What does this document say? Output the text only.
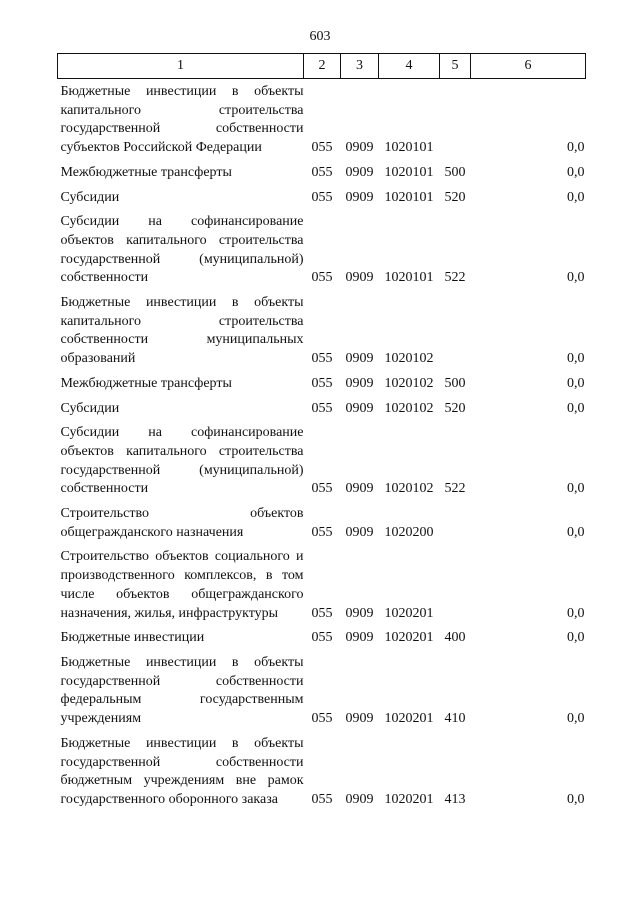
603
1	2	3	4	5	6
Бюджетные инвестиции в объекты капитального строительства государственной собственности субъектов Российской Федерации	055	0909	1020101		0,0
Межбюджетные трансферты	055	0909	1020101	500	0,0
Субсидии	055	0909	1020101	520	0,0
Субсидии на софинансирование объектов капитального строительства государственной (муниципальной) собственности	055	0909	1020101	522	0,0
Бюджетные инвестиции в объекты капитального строительства собственности муниципальных образований	055	0909	1020102		0,0
Межбюджетные трансферты	055	0909	1020102	500	0,0
Субсидии	055	0909	1020102	520	0,0
Субсидии на софинансирование объектов капитального строительства государственной (муниципальной) собственности	055	0909	1020102	522	0,0
Строительство объектов общегражданского назначения	055	0909	1020200		0,0
Строительство объектов социального и производственного комплексов, в том числе объектов общегражданского назначения, жилья, инфраструктуры	055	0909	1020201		0,0
Бюджетные инвестиции	055	0909	1020201	400	0,0
Бюджетные инвестиции в объекты государственной собственности федеральным государственным учреждениям	055	0909	1020201	410	0,0
Бюджетные инвестиции в объекты государственной собственности бюджетным учреждениям вне рамок государственного оборонного заказа	055	0909	1020201	413	0,0
